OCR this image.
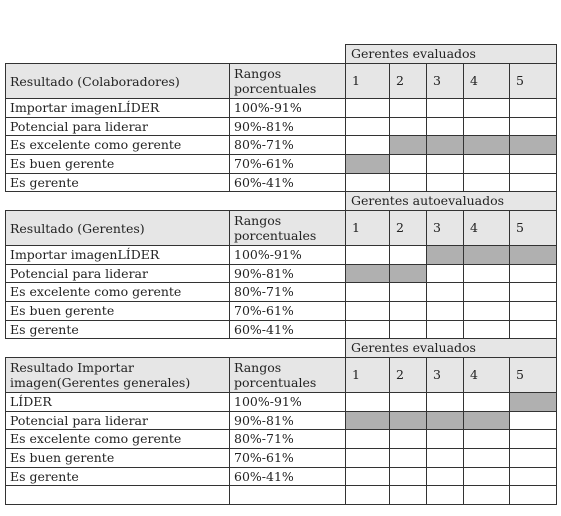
		Gerentes evaluados				
Resultado (Colaboradores)	Rangos porcentuales	1	2	3	4	5
Importar imagenLÍDER	100%-91%					
Potencial para liderar	90%-81%					
Es excelente como gerente	80%-71%					
Es buen gerente	70%-61%					
Es gerente	60%-41%					
		Gerentes autoevaluados				
Resultado (Gerentes)	Rangos porcentuales	1	2	3	4	5
Importar imagenLÍDER	100%-91%					
Potencial para liderar	90%-81%					
Es excelente como gerente	80%-71%					
Es buen gerente	70%-61%					
Es gerente	60%-41%					
		Gerentes evaluados				
Resultado Importar imagen(Gerentes generales)	Rangos porcentuales	1	2	3	4	5
LÍDER	100%-91%					
Potencial para liderar	90%-81%					
Es excelente como gerente	80%-71%					
Es buen gerente	70%-61%					
Es gerente	60%-41%					
